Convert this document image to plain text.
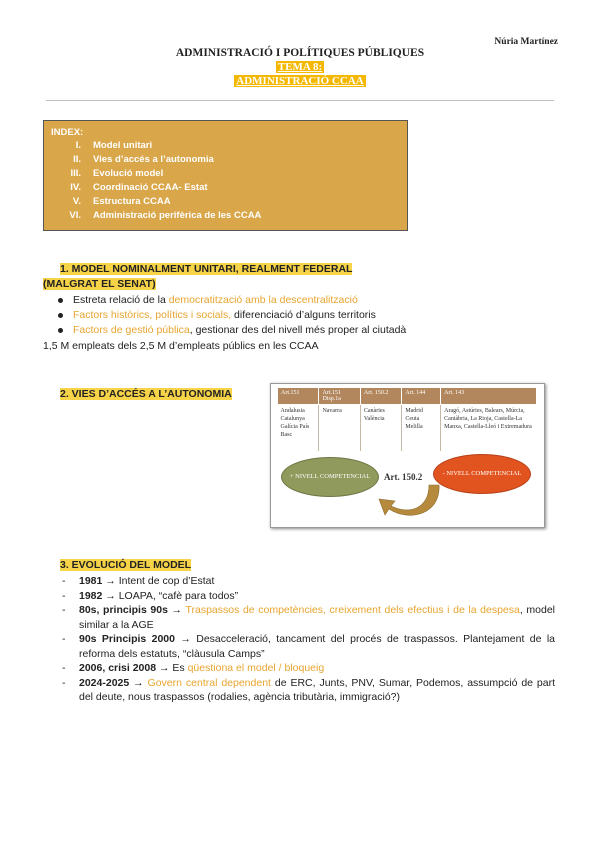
Núria Martínez
ADMINISTRACIÓ I POLÍTIQUES PÚBLIQUES
TEMA 8:
ADMINISTRACIÓ CCAA
INDEX:
I.	Model unitari
II.	Vies d’accés a l’autonomia
III.	Evolució model
IV.	Coordinació CCAA- Estat
V.	Estructura CCAA
VI.	Administració perifèrica de les CCAA
1. MODEL NOMINALMENT UNITARI, REALMENT FEDERAL
(MALGRAT EL SENAT)
Estreta relació de la democratització amb la descentralització
Factors històrics, polítics i socials, diferenciació d’alguns territoris
Factors de gestió pública, gestionar des del nivell més proper al ciutadà
1,5 M empleats dels 2,5 M d’empleats públics en les CCAA
2. VIES D’ACCÉS A L’AUTONOMIA	Art.151	Art.151 Disp.1a	Art. 150.2	Art. 144	Art. 143
Andalusia Catalunya Galícia País Basc	Navarra	Canàries València	Madrid Ceuta Melilla	Aragó, Astúries, Balears, Múrcia, Cantàbria, La Rioja, Castella-La Manxa, Castella-Lleó i Extremadura
+ NIVELL COMPETENCIAL	- NIVELL COMPETENCIAL
Art. 150.2
3. EVOLUCIÓ DEL MODEL
- 1981 → Intent de cop d’Estat
- 1982 → LOAPA, “cafè para todos”
- 80s, principis 90s → Traspassos de competències, creixement dels efectius i de la despesa, model similar a la AGE
- 90s Principis 2000 → Desacceleració, tancament del procés de traspassos. Plantejament de la reforma dels estatuts, “clàusula Camps”
- 2006, crisi 2008 → Es qüestiona el model / bloqueig
- 2024-2025 → Govern central dependent de ERC, Junts, PNV, Sumar, Podemos, assumpció de part del deute, nous traspassos (rodalies, agència tributària, immigració?)
